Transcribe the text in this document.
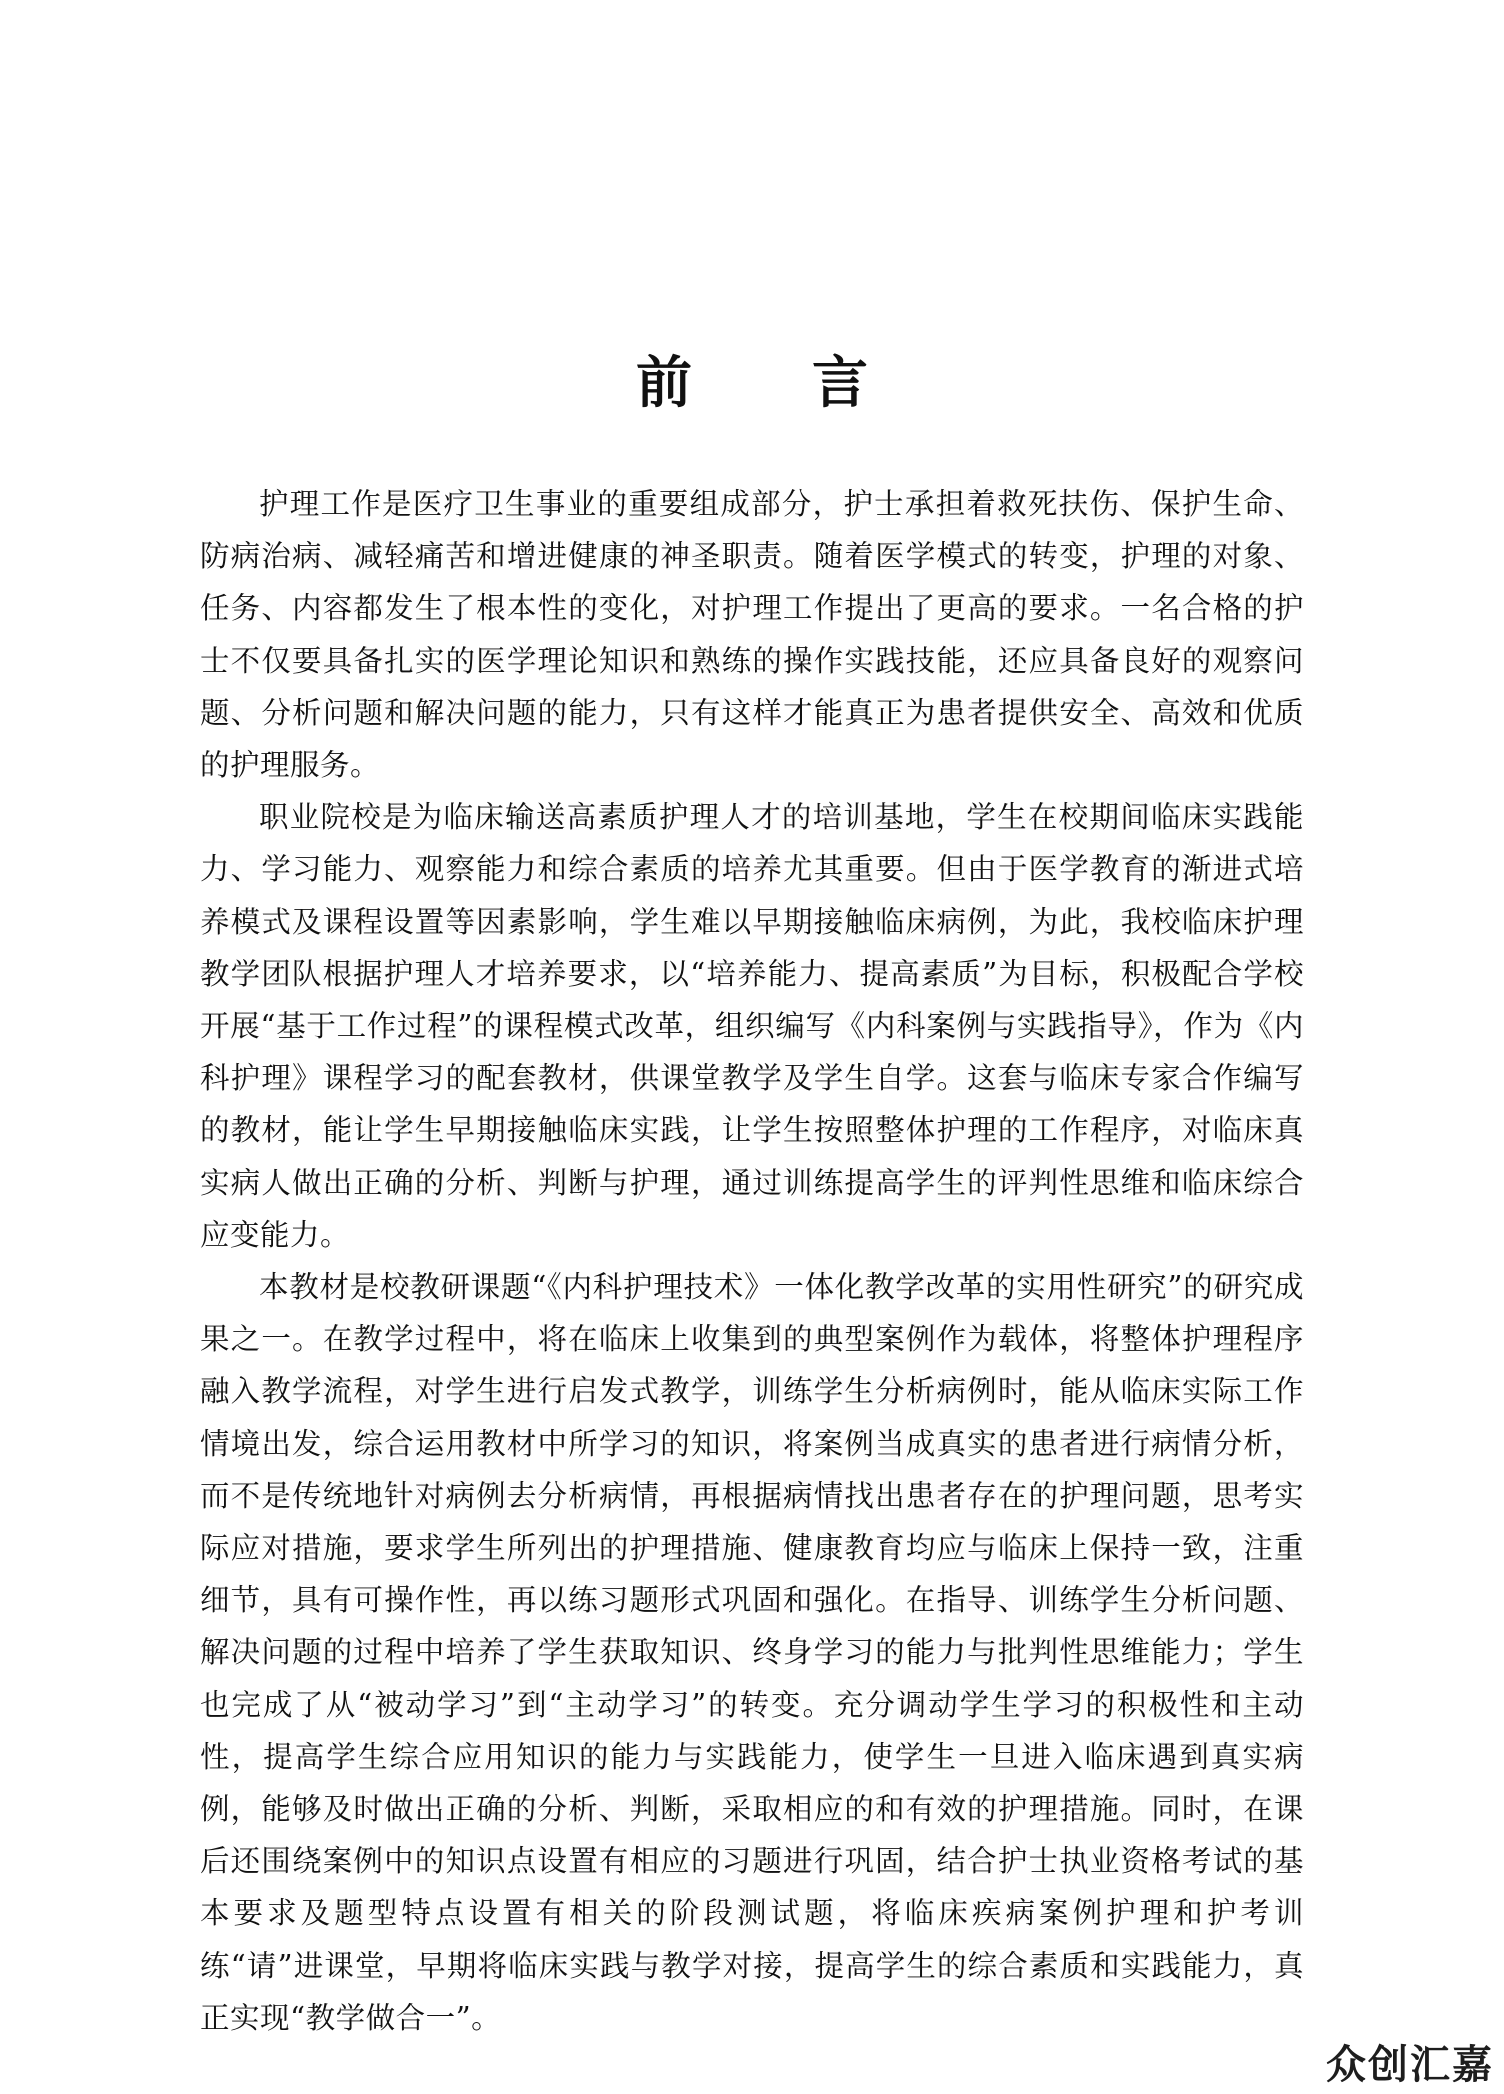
前言

护理工作是医疗卫生事业的重要组成部分，护士承担着救死扶伤、保护生命、防病治病、减轻痛苦和增进健康的神圣职责。随着医学模式的转变，护理的对象、任务、内容都发生了根本性的变化，对护理工作提出了更高的要求。一名合格的护士不仅要具备扎实的医学理论知识和熟练的操作实践技能，还应具备良好的观察问题、分析问题和解决问题的能力，只有这样才能真正为患者提供安全、高效和优质的护理服务。

职业院校是为临床输送高素质护理人才的培训基地，学生在校期间临床实践能力、学习能力、观察能力和综合素质的培养尤其重要。但由于医学教育的渐进式培养模式及课程设置等因素影响，学生难以早期接触临床病例，为此，我校临床护理教学团队根据护理人才培养要求，以“培养能力、提高素质”为目标，积极配合学校开展“基于工作过程”的课程模式改革，组织编写《内科案例与实践指导》，作为《内科护理》课程学习的配套教材，供课堂教学及学生自学。这套与临床专家合作编写的教材，能让学生早期接触临床实践，让学生按照整体护理的工作程序，对临床真实病人做出正确的分析、判断与护理，通过训练提高学生的评判性思维和临床综合应变能力。

本教材是校教研课题“《内科护理技术》一体化教学改革的实用性研究”的研究成果之一。在教学过程中，将在临床上收集到的典型案例作为载体，将整体护理程序融入教学流程，对学生进行启发式教学，训练学生分析病例时，能从临床实际工作情境出发，综合运用教材中所学习的知识，将案例当成真实的患者进行病情分析，而不是传统地针对病例去分析病情，再根据病情找出患者存在的护理问题，思考实际应对措施，要求学生所列出的护理措施、健康教育均应与临床上保持一致，注重细节，具有可操作性，再以练习题形式巩固和强化。在指导、训练学生分析问题、解决问题的过程中培养了学生获取知识、终身学习的能力与批判性思维能力；学生也完成了从“被动学习”到“主动学习”的转变。充分调动学生学习的积极性和主动性，提高学生综合应用知识的能力与实践能力，使学生一旦进入临床遇到真实病例，能够及时做出正确的分析、判断，采取相应的和有效的护理措施。同时，在课后还围绕案例中的知识点设置有相应的习题进行巩固，结合护士执业资格考试的基本要求及题型特点设置有相关的阶段测试题，将临床疾病案例护理和护考训练“请”进课堂，早期将临床实践与教学对接，提高学生的综合素质和实践能力，真正实现“教学做合一”。

众创汇嘉
